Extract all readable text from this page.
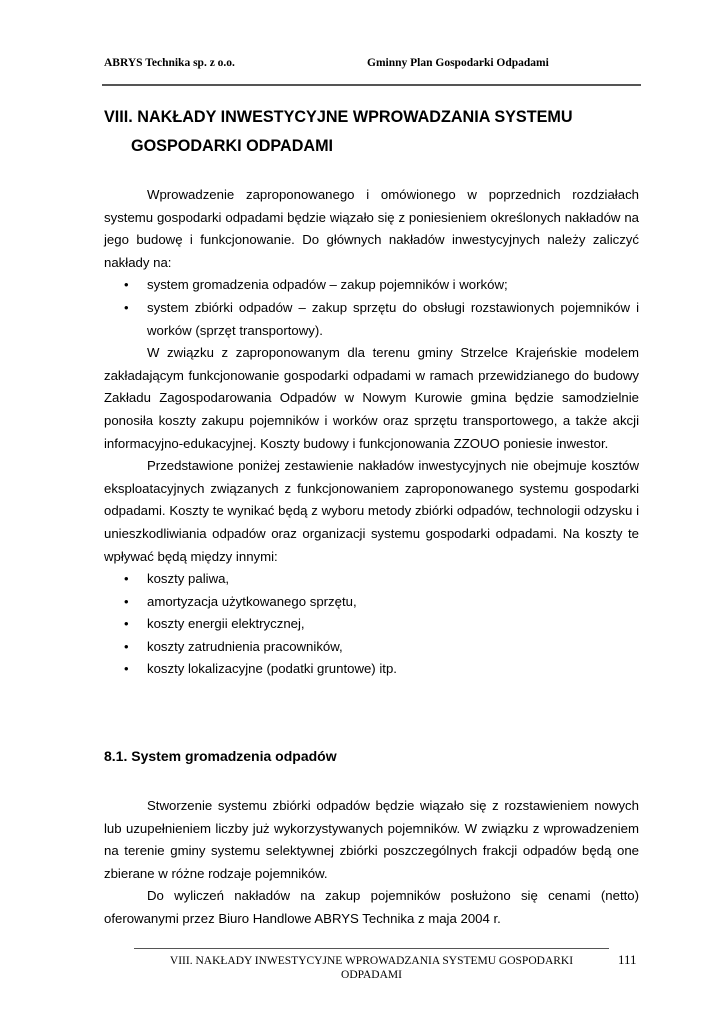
ABRYS Technika sp. z o.o.	Gminny Plan Gospodarki Odpadami
VIII. NAKŁADY INWESTYCYJNE WPROWADZANIA SYSTEMU
GOSPODARKI ODPADAMI

Wprowadzenie zaproponowanego i omówionego w poprzednich rozdziałach systemu gospodarki odpadami będzie wiązało się z poniesieniem określonych nakładów na jego budowę i funkcjonowanie. Do głównych nakładów inwestycyjnych należy zaliczyć nakłady na:

• system gromadzenia odpadów – zakup pojemników i worków;
• system zbiórki odpadów – zakup sprzętu do obsługi rozstawionych pojemników i worków (sprzęt transportowy).

W związku z zaproponowanym dla terenu gminy Strzelce Krajeńskie modelem zakładającym funkcjonowanie gospodarki odpadami w ramach przewidzianego do budowy Zakładu Zagospodarowania Odpadów w Nowym Kurowie gmina będzie samodzielnie ponosiła koszty zakupu pojemników i worków oraz sprzętu transportowego, a także akcji informacyjno-edukacyjnej. Koszty budowy i funkcjonowania ZZOUO poniesie inwestor.

Przedstawione poniżej zestawienie nakładów inwestycyjnych nie obejmuje kosztów eksploatacyjnych związanych z funkcjonowaniem zaproponowanego systemu gospodarki odpadami. Koszty te wynikać będą z wyboru metody zbiórki odpadów, technologii odzysku i unieszkodliwiania odpadów oraz organizacji systemu gospodarki odpadami. Na koszty te wpływać będą między innymi:

• koszty paliwa,
• amortyzacja użytkowanego sprzętu,
• koszty energii elektrycznej,
• koszty zatrudnienia pracowników,
• koszty lokalizacyjne (podatki gruntowe) itp.
8.1. System gromadzenia odpadów

Stworzenie systemu zbiórki odpadów będzie wiązało się z rozstawieniem nowych lub uzupełnieniem liczby już wykorzystywanych pojemników. W związku z wprowadzeniem na terenie gminy systemu selektywnej zbiórki poszczególnych frakcji odpadów będą one zbierane w różne rodzaje pojemników.

Do wyliczeń nakładów na zakup pojemników posłużono się cenami (netto) oferowanymi przez Biuro Handlowe ABRYS Technika z maja 2004 r.

VIII. NAKŁADY INWESTYCYJNE WPROWADZANIA SYSTEMU GOSPODARKI
ODPADAMI
111
